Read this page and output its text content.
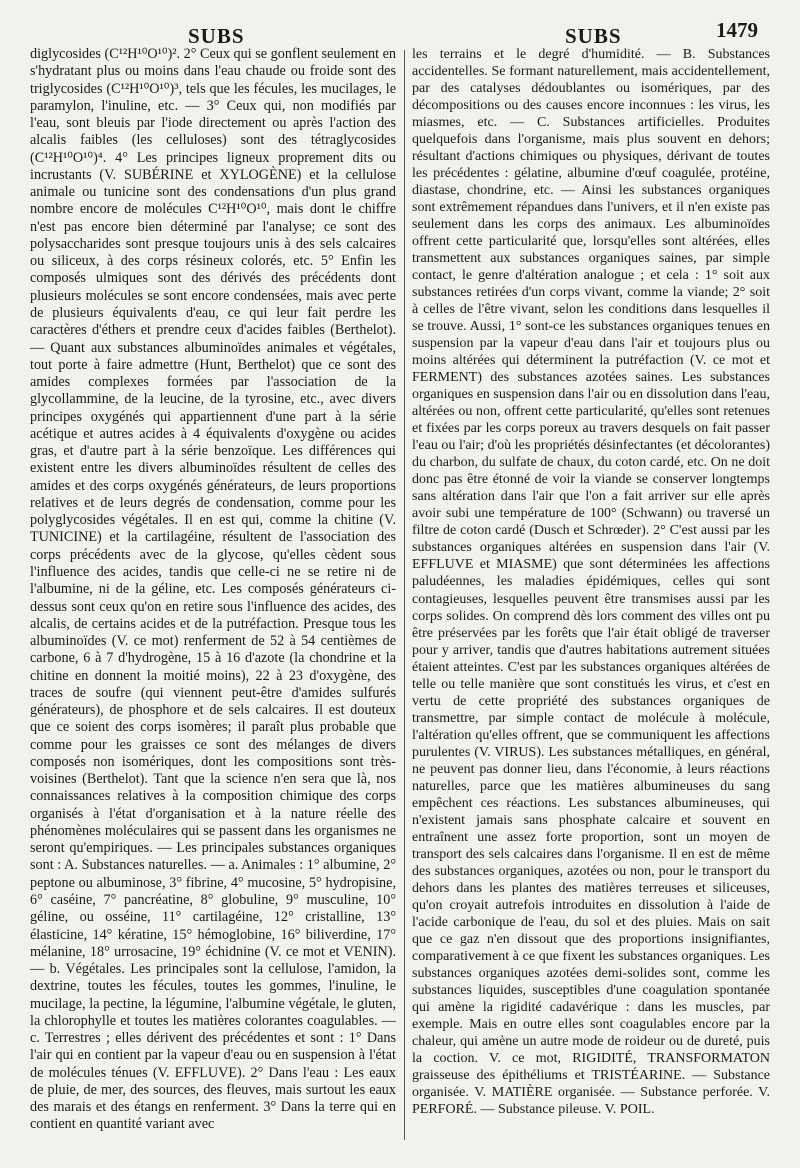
SUBS	SUBS	1479

diglycosides (C¹²H¹⁰O¹⁰)². 2° Ceux qui se gonflent seulement en s'hydratant plus ou moins dans l'eau chaude ou froide sont des triglycosides (C¹²H¹⁰O¹⁰)³, tels que les fécules, les mucilages, le paramylon, l'inuline, etc. — 3° Ceux qui, non modifiés par l'eau, sont bleuis par l'iode directement ou après l'action des alcalis faibles (les celluloses) sont des tétraglycosides (C¹²H¹⁰O¹⁰)⁴. 4° Les principes ligneux proprement dits ou incrustants (V. SUBÉRINE et XYLOGÈNE) et la cellulose animale ou tunicine sont des condensations d'un plus grand nombre encore de molécules C¹²H¹⁰O¹⁰, mais dont le chiffre n'est pas encore bien déterminé par l'analyse; ce sont des polysaccharides sont presque toujours unis à des sels calcaires ou siliceux, à des corps résineux colorés, etc. 5° Enfin les composés ulmiques sont des dérivés des précédents dont plusieurs molécules se sont encore condensées, mais avec perte de plusieurs équivalents d'eau, ce qui leur fait perdre les caractères d'éthers et prendre ceux d'acides faibles (Berthelot). — Quant aux substances albuminoïdes animales et végétales, tout porte à faire admettre (Hunt, Berthelot) que ce sont des amides complexes formées par l'association de la glycollammine, de la leucine, de la tyrosine, etc., avec divers principes oxygénés qui appartiennent d'une part à la série acétique et autres acides à 4 équivalents d'oxygène ou acides gras, et d'autre part à la série benzoïque. Les différences qui existent entre les divers albuminoïdes résultent de celles des amides et des corps oxygénés générateurs, de leurs proportions relatives et de leurs degrés de condensation, comme pour les polyglycosides végétales. Il en est qui, comme la chitine (V. TUNICINE) et la cartilagéine, résultent de l'association des corps précédents avec de la glycose, qu'elles cèdent sous l'influence des acides, tandis que celle-ci ne se retire ni de l'albumine, ni de la géline, etc. Les composés générateurs ci-dessus sont ceux qu'on en retire sous l'influence des acides, des alcalis, de certains acides et de la putréfaction. Presque tous les albuminoïdes (V. ce mot) renferment de 52 à 54 centièmes de carbone, 6 à 7 d'hydrogène, 15 à 16 d'azote (la chondrine et la chitine en donnent la moitié moins), 22 à 23 d'oxygène, des traces de soufre (qui viennent peut-être d'amides sulfurés générateurs), de phosphore et de sels calcaires. Il est douteux que ce soient des corps isomères; il paraît plus probable que comme pour les graisses ce sont des mélanges de divers composés non isomériques, dont les compositions sont très-voisines (Berthelot). Tant que la science n'en sera que là, nos connaissances relatives à la composition chimique des corps organisés à l'état d'organisation et à la nature réelle des phénomènes moléculaires qui se passent dans les organismes ne seront qu'empiriques. — Les principales substances organiques sont : A. Substances naturelles. — a. Animales : 1° albumine, 2° peptone ou albuminose, 3° fibrine, 4° mucosine, 5° hydropisine, 6° caséine, 7° pancréatine, 8° globuline, 9° musculine, 10° géline, ou osséine, 11° cartilagéine, 12° cristalline, 13° élasticine, 14° kératine, 15° hémoglobine, 16° biliverdine, 17° mélanine, 18° urrosacine, 19° échidnine (V. ce mot et VENIN). — b. Végétales. Les principales sont la cellulose, l'amidon, la dextrine, toutes les fécules, toutes les gommes, l'inuline, le mucilage, la pectine, la légumine, l'albumine végétale, le gluten, la chlorophylle et toutes les matières colorantes coagulables. — c. Terrestres ; elles dérivent des précédentes et sont : 1° Dans l'air qui en contient par la vapeur d'eau ou en suspension à l'état de molécules ténues (V. EFFLUVE). 2° Dans l'eau : Les eaux de pluie, de mer, des sources, des fleuves, mais surtout les eaux des marais et des étangs en renferment. 3° Dans la terre qui en contient en quantité variant avec

les terrains et le degré d'humidité. — B. Substances accidentelles. Se formant naturellement, mais accidentellement, par des catalyses dédoublantes ou isomériques, par des décompositions ou des causes encore inconnues : les virus, les miasmes, etc. — C. Substances artificielles. Produites quelquefois dans l'organisme, mais plus souvent en dehors; résultant d'actions chimiques ou physiques, dérivant de toutes les précédentes : gélatine, albumine d'œuf coagulée, protéine, diastase, chondrine, etc. — Ainsi les substances organiques sont extrêmement répandues dans l'univers, et il n'en existe pas seulement dans les corps des animaux. Les albuminoïdes offrent cette particularité que, lorsqu'elles sont altérées, elles transmettent aux substances organiques saines, par simple contact, le genre d'altération analogue ; et cela : 1° soit aux substances retirées d'un corps vivant, comme la viande; 2° soit à celles de l'être vivant, selon les conditions dans lesquelles il se trouve. Aussi, 1° sont-ce les substances organiques tenues en suspension par la vapeur d'eau dans l'air et toujours plus ou moins altérées qui déterminent la putréfaction (V. ce mot et FERMENT) des substances azotées saines. Les substances organiques en suspension dans l'air ou en dissolution dans l'eau, altérées ou non, offrent cette particularité, qu'elles sont retenues et fixées par les corps poreux au travers desquels on fait passer l'eau ou l'air; d'où les propriétés désinfectantes (et décolorantes) du charbon, du sulfate de chaux, du coton cardé, etc. On ne doit donc pas être étonné de voir la viande se conserver longtemps sans altération dans l'air que l'on a fait arriver sur elle après avoir subi une température de 100° (Schwann) ou traversé un filtre de coton cardé (Dusch et Schrœder). 2° C'est aussi par les substances organiques altérées en suspension dans l'air (V. EFFLUVE et MIASME) que sont déterminées les affections paludéennes, les maladies épidémiques, celles qui sont contagieuses, lesquelles peuvent être transmises aussi par les corps solides. On comprend dès lors comment des villes ont pu être préservées par les forêts que l'air était obligé de traverser pour y arriver, tandis que d'autres habitations autrement situées étaient atteintes. C'est par les substances organiques altérées de telle ou telle manière que sont constitués les virus, et c'est en vertu de cette propriété des substances organiques de transmettre, par simple contact de molécule à molécule, l'altération qu'elles offrent, que se communiquent les affections purulentes (V. VIRUS). Les substances métalliques, en général, ne peuvent pas donner lieu, dans l'économie, à leurs réactions naturelles, parce que les matières albumineuses du sang empêchent ces réactions. Les substances albumineuses, qui n'existent jamais sans phosphate calcaire et souvent en entraînent une assez forte proportion, sont un moyen de transport des sels calcaires dans l'organisme. Il en est de même des substances organiques, azotées ou non, pour le transport du dehors dans les plantes des matières terreuses et siliceuses, qu'on croyait autrefois introduites en dissolution à l'aide de l'acide carbonique de l'eau, du sol et des pluies. Mais on sait que ce gaz n'en dissout que des proportions insignifiantes, comparativement à ce que fixent les substances organiques. Les substances organiques azotées demi-solides sont, comme les substances liquides, susceptibles d'une coagulation spontanée qui amène la rigidité cadavérique : dans les muscles, par exemple. Mais en outre elles sont coagulables encore par la chaleur, qui amène un autre mode de roideur ou de dureté, puis la coction. V. ce mot, RIGIDITÉ, TRANSFORMATON graisseuse des épithéliums et TRISTÉARINE. — Substance organisée. V. MATIÈRE organisée. — Substance perforée. V. PERFORÉ. — Substance pileuse. V. POIL.
